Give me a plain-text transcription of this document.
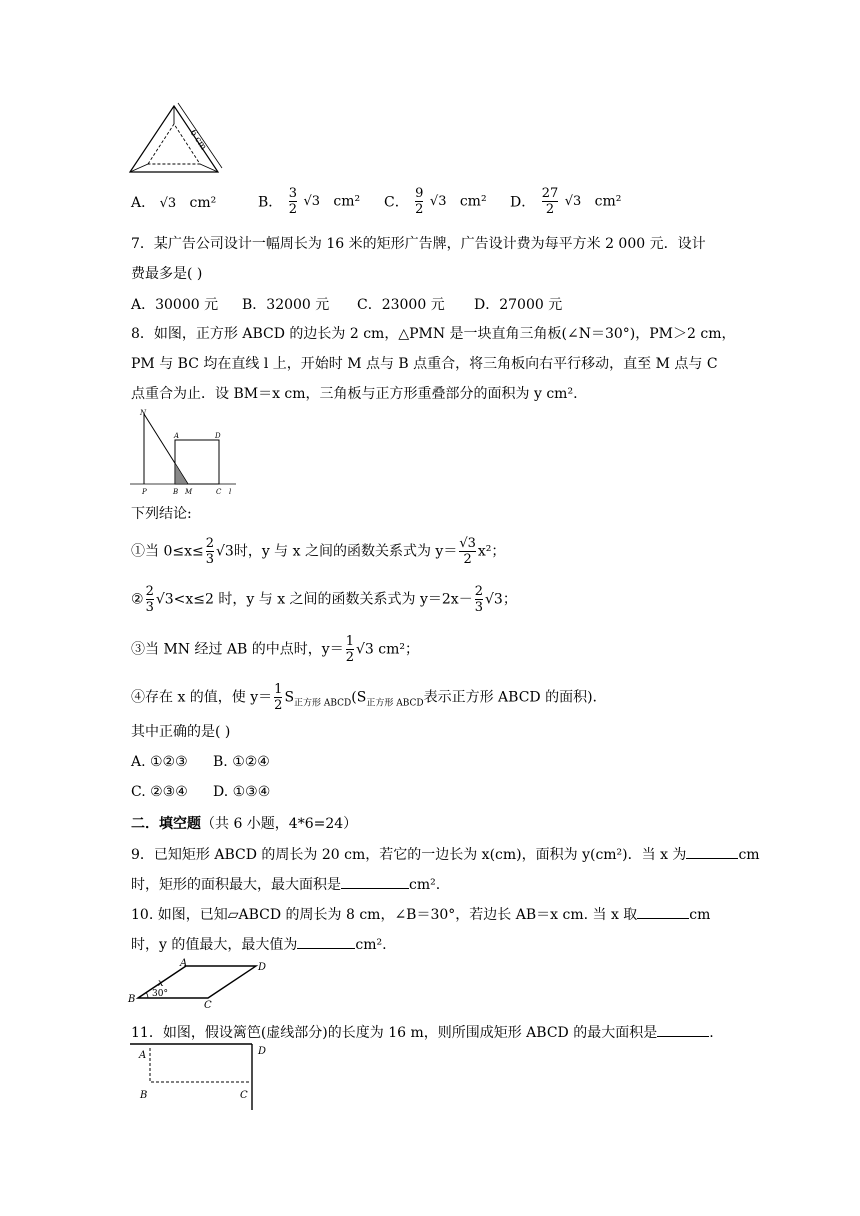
6 cm
A． √3 cm²	B． $\frac{3}{2} √3$ cm² C． $\frac{9}{2} √3$ cm² D． $\frac{27}{2} √3$ cm²
7．某广告公司设计一幅周长为 16 米的矩形广告牌，广告设计费为每平方米 2 000 元．设计
费最多是( )
A．30000 元 B．32000 元 C．23000 元 D．27000 元
8．如图，正方形 ABCD 的边长为 2 cm，△PMN 是一块直角三角板(∠N＝30°)，PM＞2 cm，
PM 与 BC 均在直线 l 上，开始时 M 点与 B 点重合，将三角板向右平行移动，直至 M 点与 C
点重合为止．设 BM＝x cm，三角板与正方形重叠部分的面积为 y cm².
N
A	D
P	B M	C l
下列结论:
①当 $0\le x\le \frac{2}{3} √3$时，y 与 x 之间的函数关系式为 $y= \frac{√3}{2} x^2$；
② $\frac{2}{3} √3<x\le 2$ 时，y 与 x 之间的函数关系式为 $y=2x- \frac{2}{3} √3$；
③当 MN 经过 AB 的中点时，$y= \frac{1}{2} √3$ cm²；
④存在 x 的值，使 $y= \frac{1}{2} S_{正方形 ABCD}(S_{正方形 ABCD}$表示正方形 ABCD 的面积).
其中正确的是( )
A. ①②③ B. ①②④
C. ②③④ D. ①③④
二．填空题（共 6 小题，4*6=24）
9．已知矩形 ABCD 的周长为 20 cm，若它的一边长为 x(cm)，面积为 y(cm²)．当 x 为	cm
时，矩形的面积最大，最大面积是	cm².
10. 如图，已知▱ABCD 的周长为 8 cm，∠B＝30°，若边长 AB＝x cm. 当 x 取	cm
时，y 的值最大，最大值为	cm².
A
B
C
D
x
30°
11．如图，假设篱笆(虚线部分)的长度为 16 m，则所围成矩形 ABCD 的最大面积是	.
A
B	C
D
